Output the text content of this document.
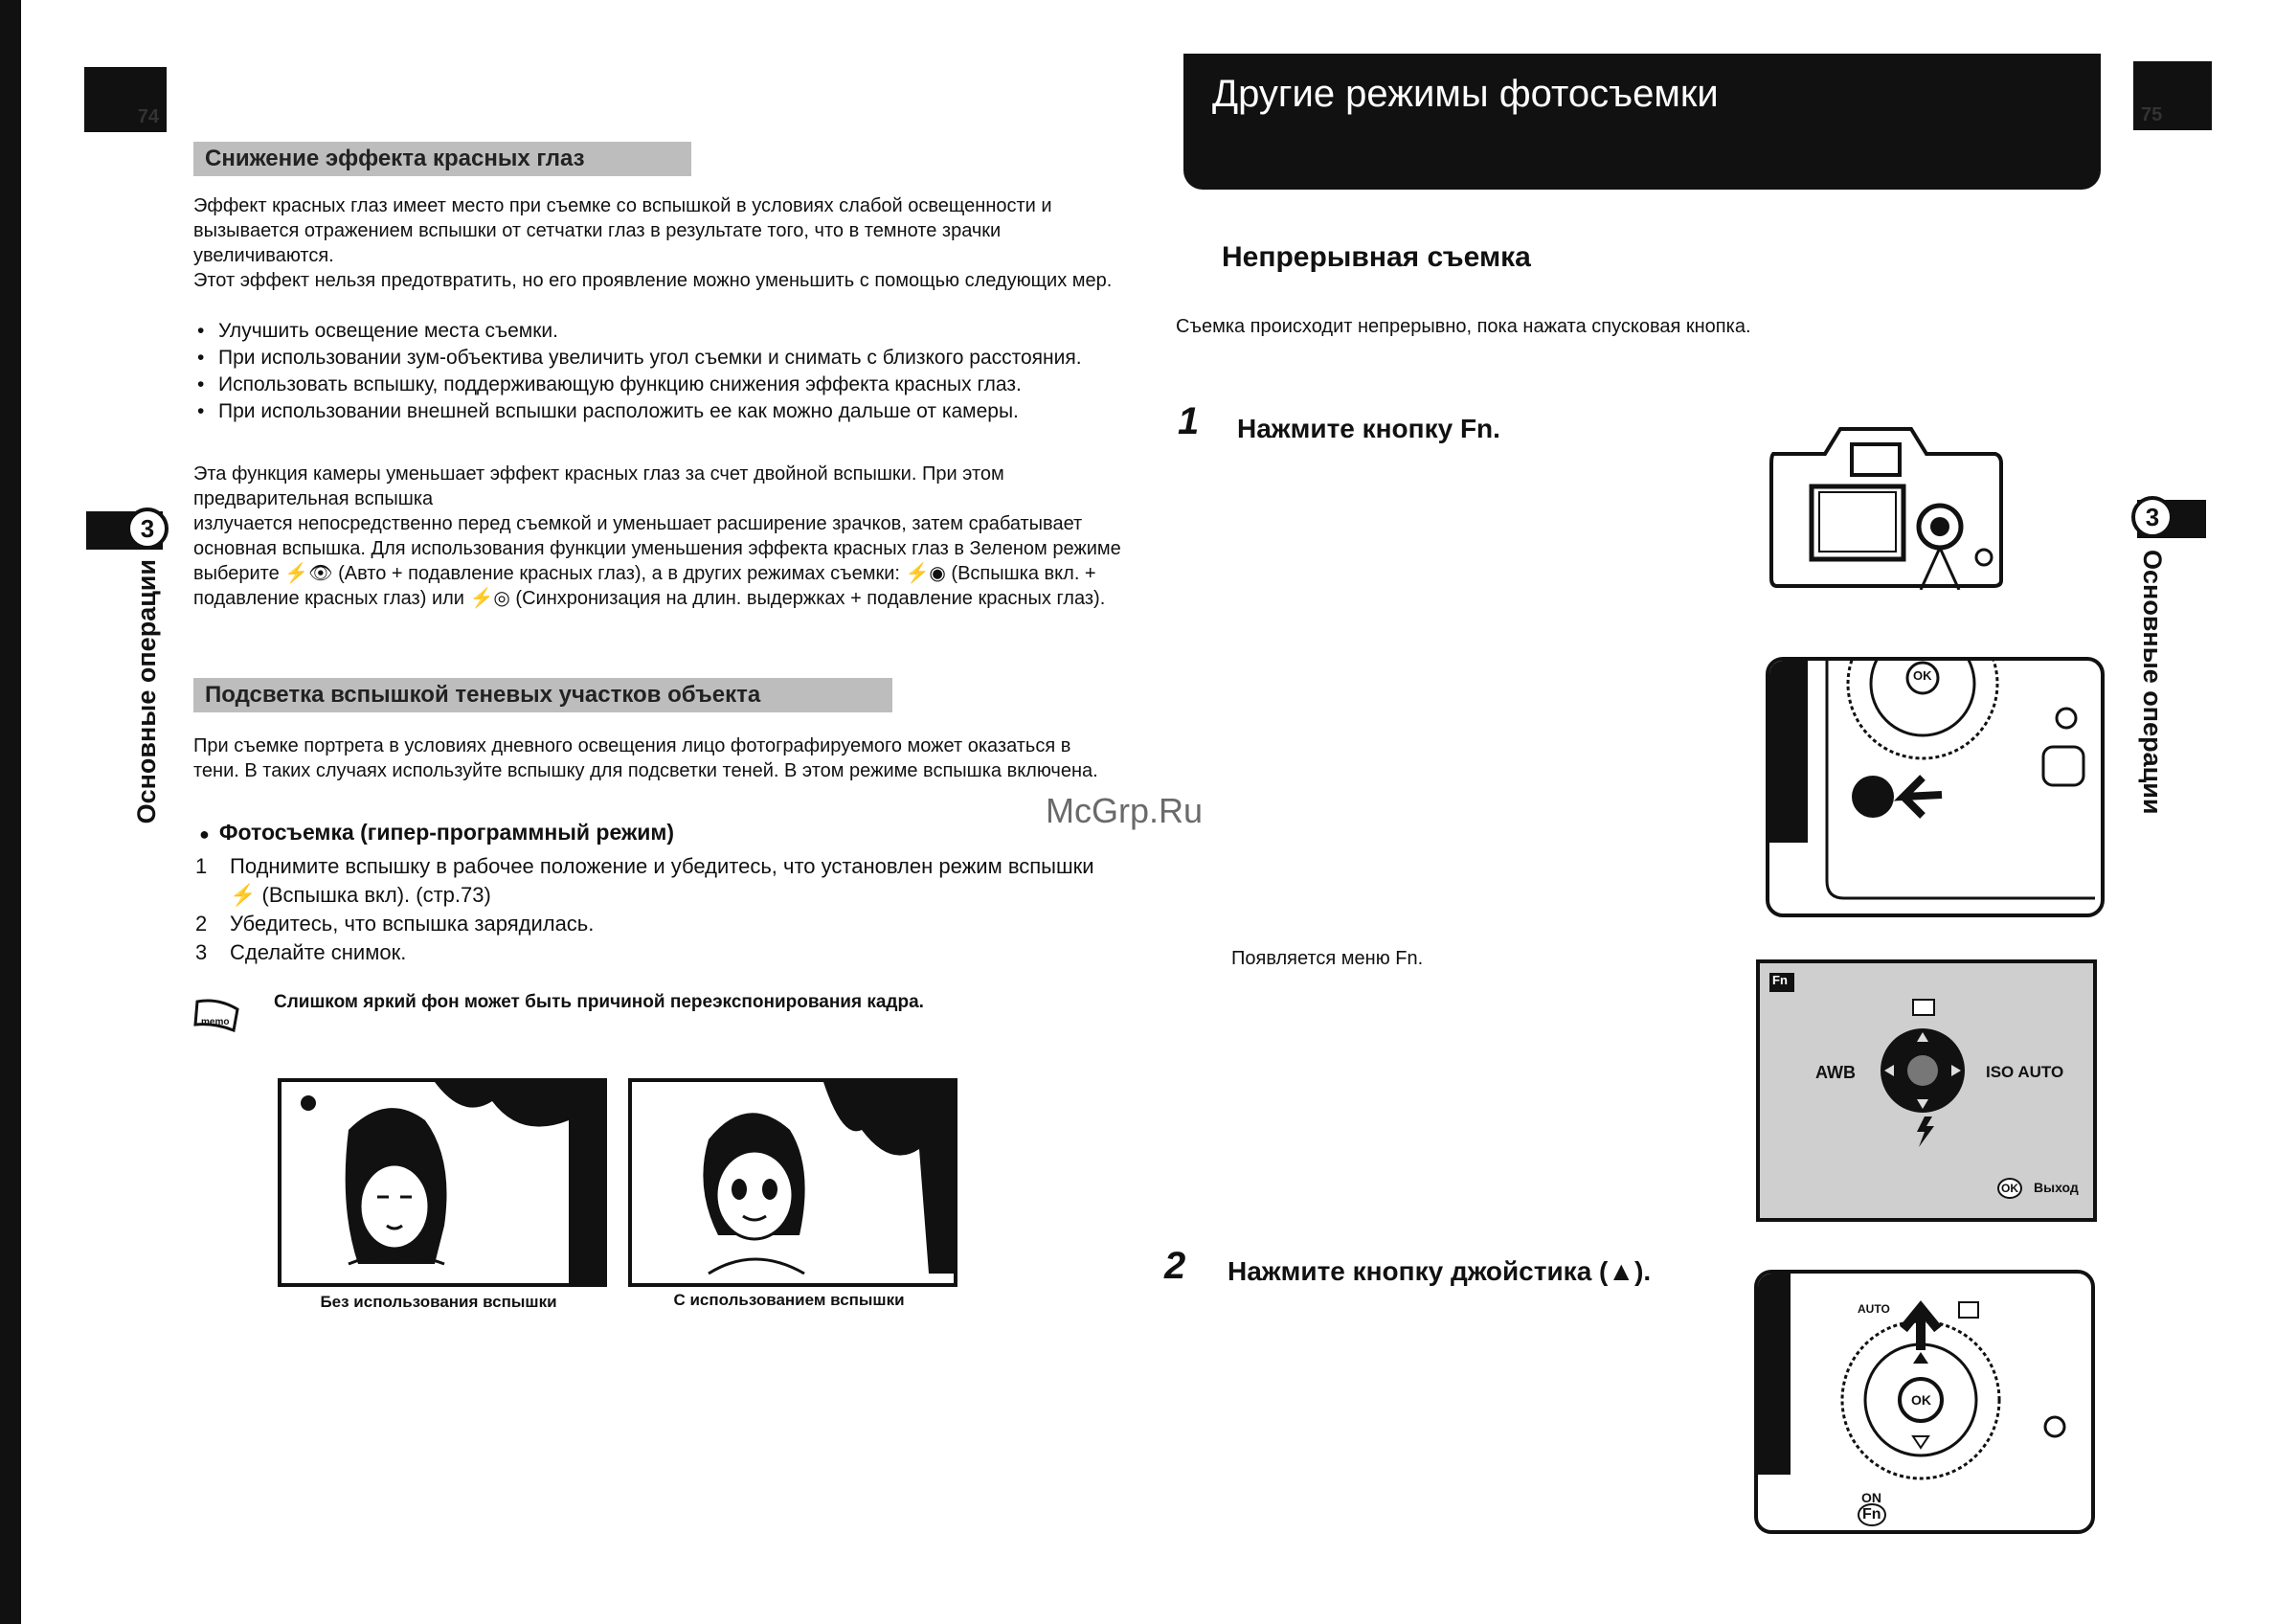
74
Снижение эффекта красных глаз
Эффект красных глаз имеет место при съемке со вспышкой в условиях слабой освещенности и вызывается отражением вспышки от сетчатки глаз в результате того, что в темноте зрачки увеличиваются.
Этот эффект нельзя предотвратить, но его проявление можно уменьшить с помощью следующих мер.
• Улучшить освещение места съемки.
• При использовании зум-объектива увеличить угол съемки и снимать с близкого расстояния.
• Использовать вспышку, поддерживающую функцию снижения эффекта красных глаз.
• При использовании внешней вспышки расположить ее как можно дальше от камеры.
Эта функция камеры уменьшает эффект красных глаз за счет двойной вспышки. При этом предварительная вспышка
излучается непосредственно перед съемкой и уменьшает расширение зрачков, затем срабатывает основная вспышка. Для использования функции уменьшения эффекта красных глаз в Зеленом режиме выберите ⚡👁 (Авто + подавление красных глаз), а в других режимах съемки: ⚡◉ (Вспышка вкл. + подавление красных глаз) или ⚡◎ (Синхронизация на длин. выдержках + подавление красных глаз).
3
Основные операции	Подсветка вспышкой теневых участков объекта
При съемке портрета в условиях дневного освещения лицо фотографируемого может оказаться в тени. В таких случаях используйте вспышку для подсветки теней. В этом режиме вспышка включена.
● Фотосъемка (гипер-программный режим)
1 Поднимите вспышку в рабочее положение и убедитесь, что установлен режим вспышки ⚡ (Вспышка вкл). (стр.73)
2 Убедитесь, что вспышка зарядилась.
3 Сделайте снимок.
memo
Слишком яркий фон может быть причиной переэкспонирования кадра.
Без использования вспышки	С использованием вспышки
Другие режимы фотосъемки	75
Непрерывная съемка
Съемка происходит непрерывно, пока нажата спусковая кнопка.
1 Нажмите кнопку Fn.
Появляется меню Fn.
2 Нажмите кнопку джойстика (▲).
3
Основные операции
OK
Fn
AWB	ISO AUTO
OK Выход
OK
AUTO
ON
Fn
McGrp.Ru
